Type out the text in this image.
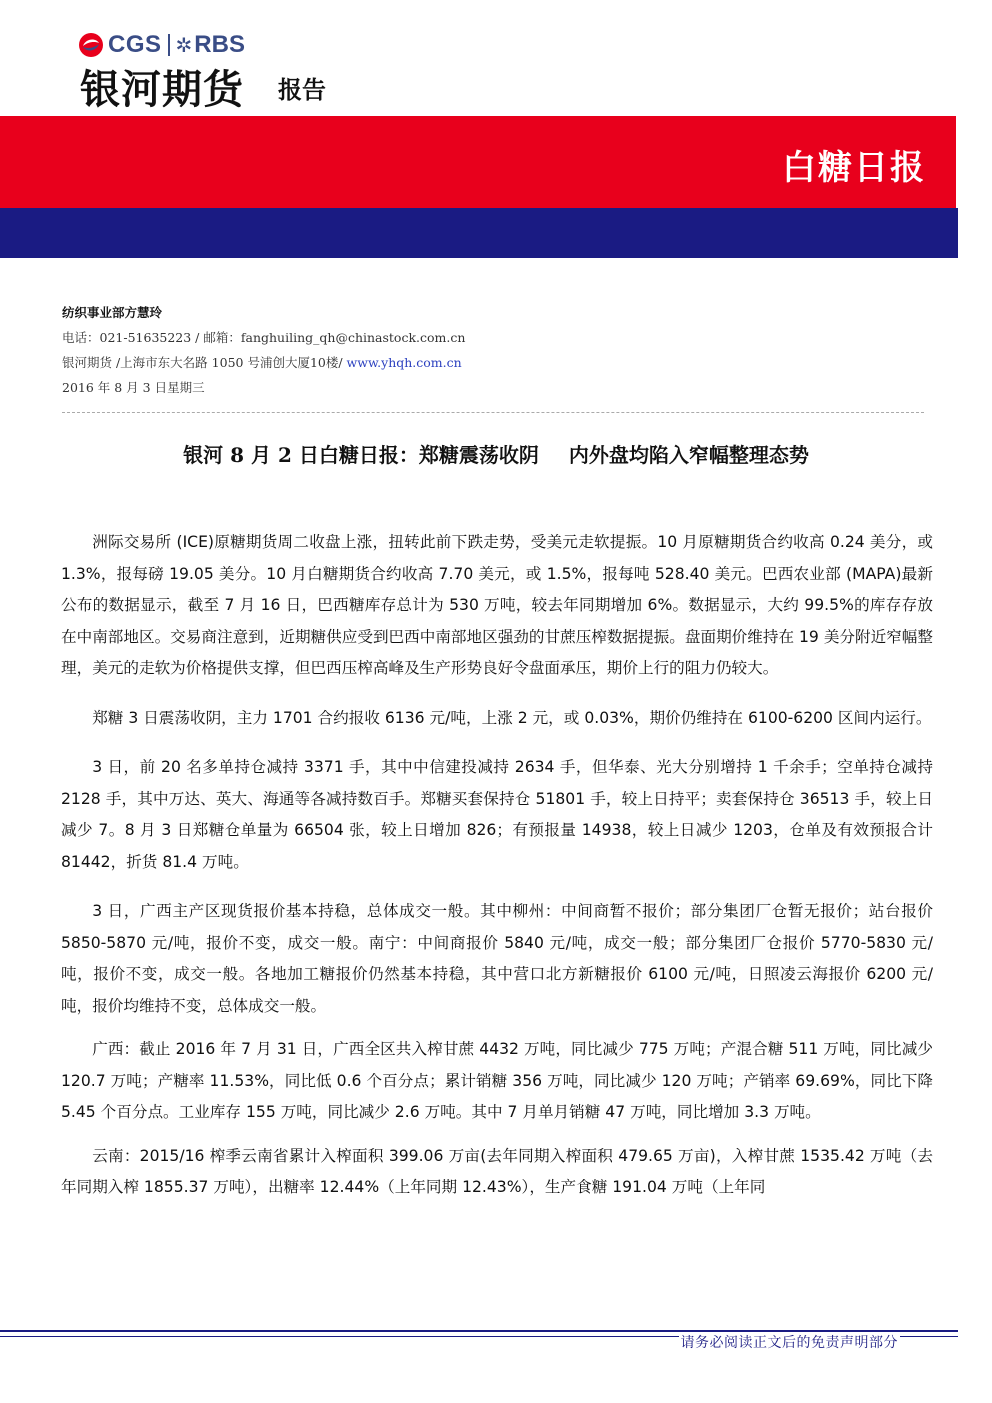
CGS ✲ RBS
银河期货 报告
白糖日报
纺织事业部方慧玲
电话：021-51635223 / 邮箱：fanghuiling_qh@chinastock.com.cn
银河期货 /上海市东大名路 1050 号浦创大厦10楼/ www.yhqh.com.cn
2016 年 8 月 3 日星期三
银河 8 月 2 日白糖日报：郑糖震荡收阴 内外盘均陷入窄幅整理态势

洲际交易所 (ICE)原糖期货周二收盘上涨，扭转此前下跌走势，受美元走软提振。10 月原糖期货合约收高 0.24 美分，或 1.3%，报每磅 19.05 美分。10 月白糖期货合约收高 7.70 美元，或 1.5%，报每吨 528.40 美元。巴西农业部 (MAPA)最新公布的数据显示，截至 7 月 16 日，巴西糖库存总计为 530 万吨，较去年同期增加 6%。数据显示，大约 99.5%的库存存放在中南部地区。交易商注意到，近期糖供应受到巴西中南部地区强劲的甘蔗压榨数据提振。盘面期价维持在 19 美分附近窄幅整理，美元的走软为价格提供支撑，但巴西压榨高峰及生产形势良好令盘面承压，期价上行的阻力仍较大。

郑糖 3 日震荡收阴，主力 1701 合约报收 6136 元/吨，上涨 2 元，或 0.03%，期价仍维持在 6100-6200 区间内运行。

3 日，前 20 名多单持仓减持 3371 手，其中中信建投减持 2634 手，但华泰、光大分别增持 1 千余手；空单持仓减持 2128 手，其中万达、英大、海通等各减持数百手。郑糖买套保持仓 51801 手，较上日持平；卖套保持仓 36513 手，较上日减少 7。8 月 3 日郑糖仓单量为 66504 张，较上日增加 826；有预报量 14938，较上日减少 1203，仓单及有效预报合计 81442，折货 81.4 万吨。

3 日，广西主产区现货报价基本持稳，总体成交一般。其中柳州：中间商暂不报价；部分集团厂仓暂无报价；站台报价 5850-5870 元/吨，报价不变，成交一般。南宁：中间商报价 5840 元/吨，成交一般；部分集团厂仓报价 5770-5830 元/吨，报价不变，成交一般。各地加工糖报价仍然基本持稳，其中营口北方新糖报价 6100 元/吨，日照凌云海报价 6200 元/吨，报价均维持不变，总体成交一般。

广西：截止 2016 年 7 月 31 日，广西全区共入榨甘蔗 4432 万吨，同比减少 775 万吨；产混合糖 511 万吨，同比减少 120.7 万吨；产糖率 11.53%，同比低 0.6 个百分点；累计销糖 356 万吨，同比减少 120 万吨；产销率 69.69%，同比下降 5.45 个百分点。工业库存 155 万吨，同比减少 2.6 万吨。其中 7 月单月销糖 47 万吨，同比增加 3.3 万吨。

云南：2015/16 榨季云南省累计入榨面积 399.06 万亩(去年同期入榨面积 479.65 万亩)，入榨甘蔗 1535.42 万吨（去年同期入榨 1855.37 万吨），出糖率 12.44%（上年同期 12.43%），生产食糖 191.04 万吨（上年同

请务必阅读正文后的免责声明部分
